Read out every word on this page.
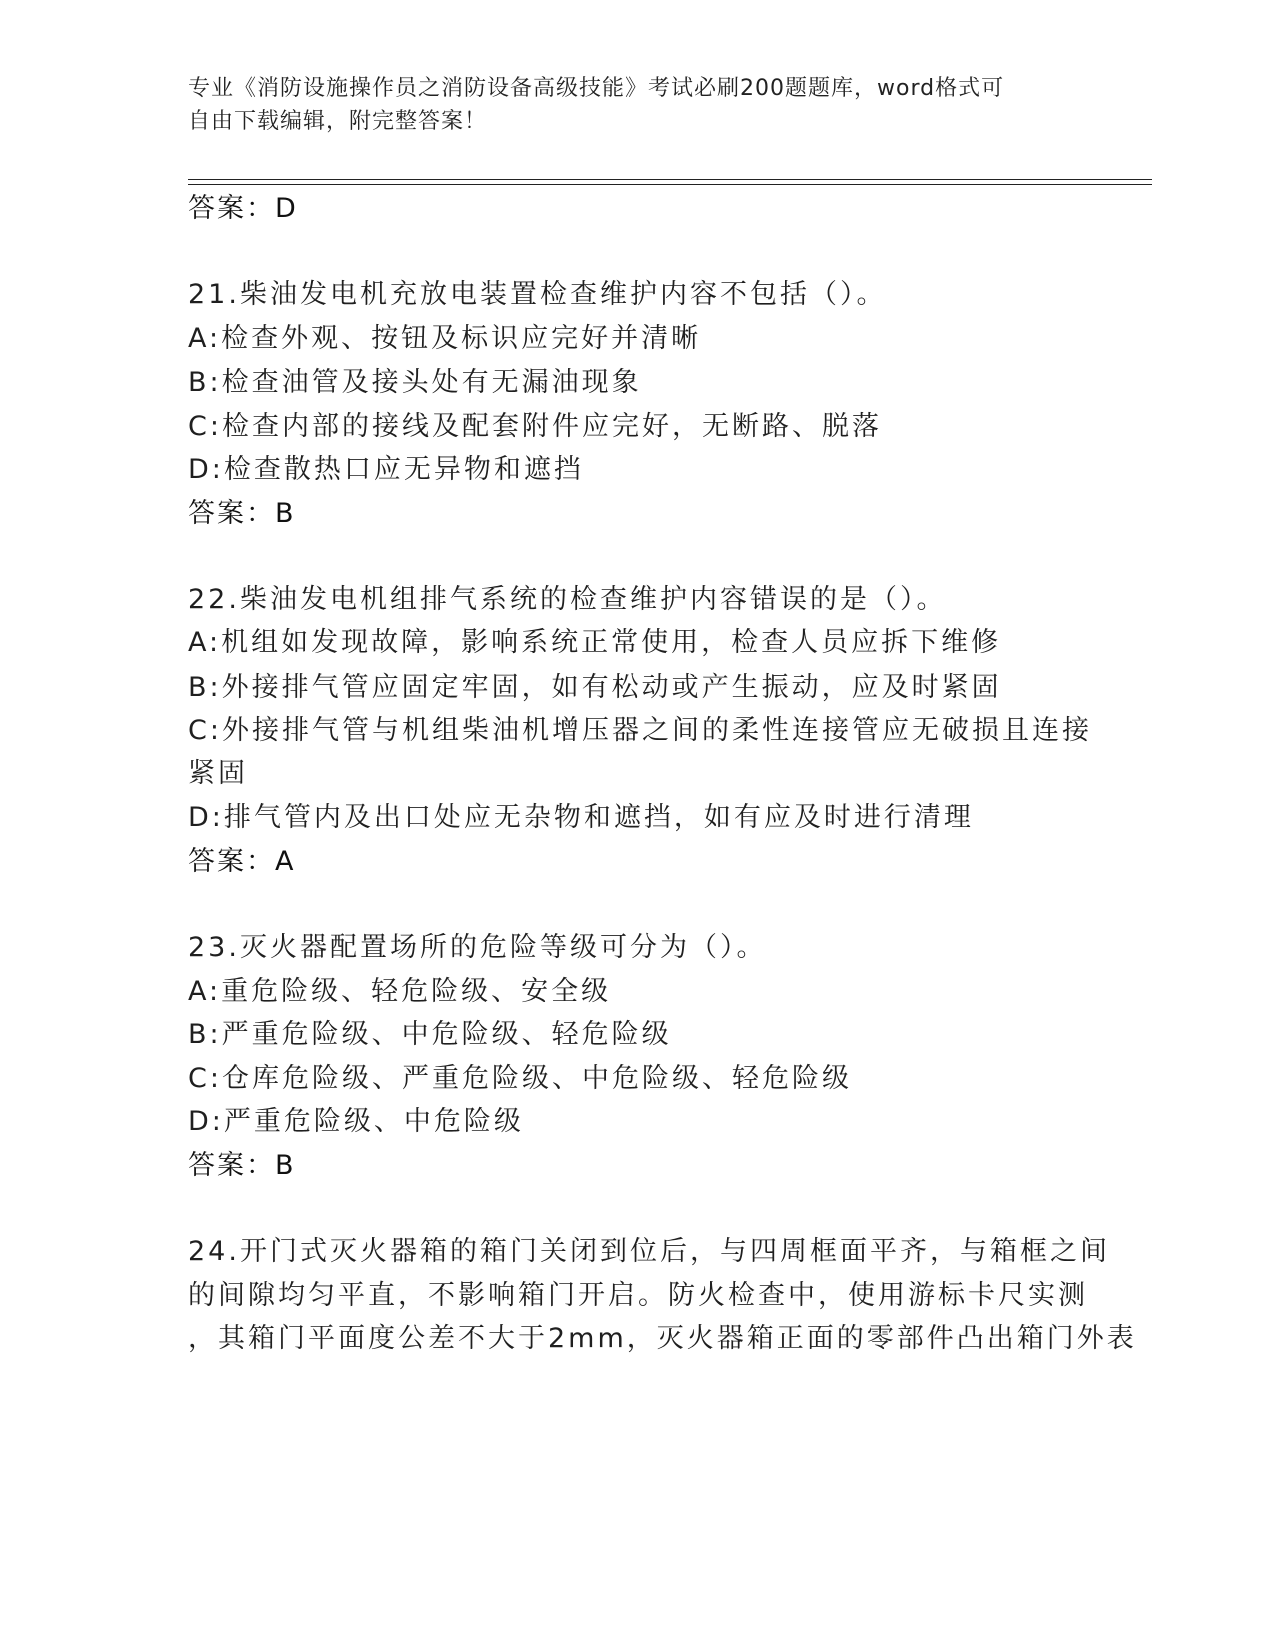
专业《消防设施操作员之消防设备高级技能》考试必刷200题题库，word格式可
自由下载编辑，附完整答案！
答案：D
21.柴油发电机充放电装置检查维护内容不包括（）。
A:检查外观、按钮及标识应完好并清晰
B:检查油管及接头处有无漏油现象
C:检查内部的接线及配套附件应完好，无断路、脱落
D:检查散热口应无异物和遮挡
答案：B
22.柴油发电机组排气系统的检查维护内容错误的是（）。
A:机组如发现故障，影响系统正常使用，检查人员应拆下维修
B:外接排气管应固定牢固，如有松动或产生振动，应及时紧固
C:外接排气管与机组柴油机增压器之间的柔性连接管应无破损且连接
紧固
D:排气管内及出口处应无杂物和遮挡，如有应及时进行清理
答案：A
23.灭火器配置场所的危险等级可分为（）。
A:重危险级、轻危险级、安全级
B:严重危险级、中危险级、轻危险级
C:仓库危险级、严重危险级、中危险级、轻危险级
D:严重危险级、中危险级
答案：B
24.开门式灭火器箱的箱门关闭到位后，与四周框面平齐，与箱框之间
的间隙均匀平直，不影响箱门开启。防火检查中，使用游标卡尺实测
，其箱门平面度公差不大于2mm，灭火器箱正面的零部件凸出箱门外表
